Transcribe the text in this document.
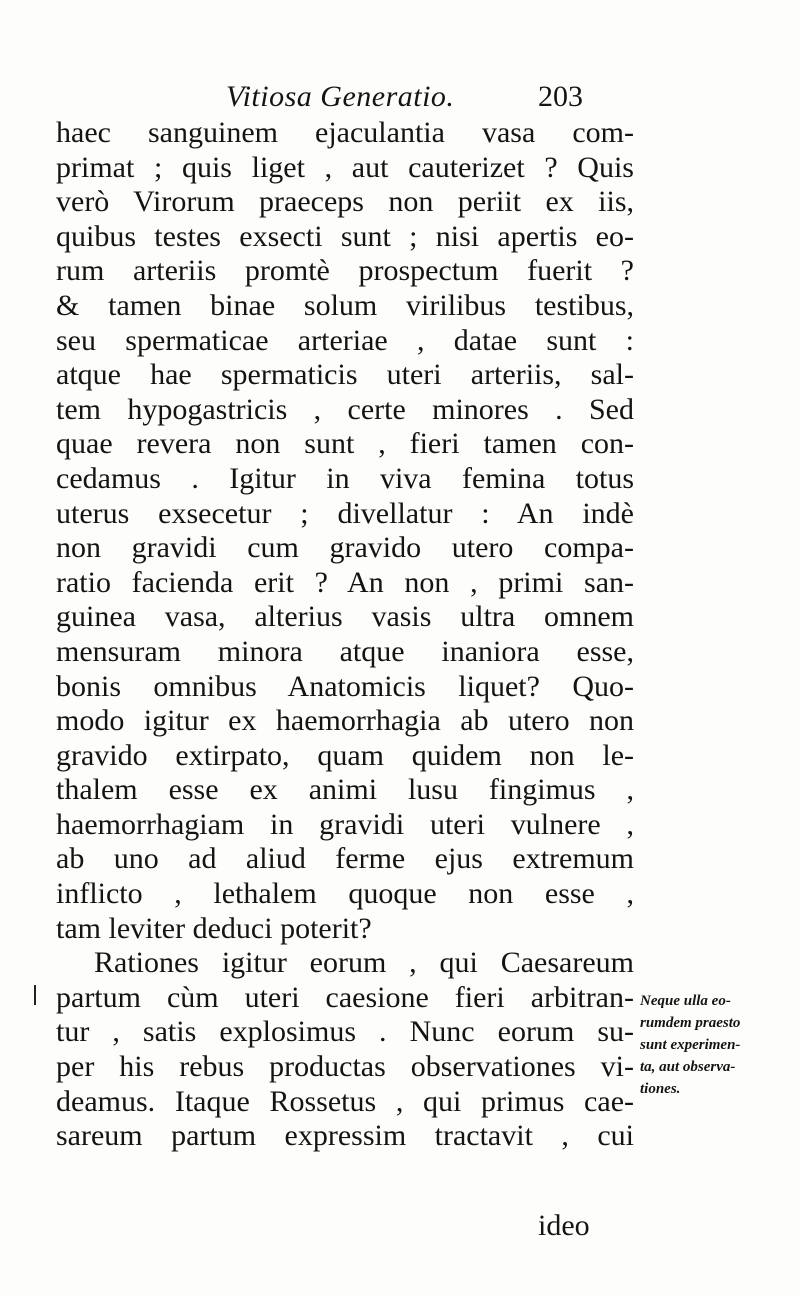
Vitiosa Generatio.	203
haec sanguinem ejaculantia vasa com-
primat ; quis liget , aut cauterizet ? Quis
verò Virorum praeceps non periit ex iis,
quibus testes exsecti sunt ; nisi apertis eo-
rum arteriis promtè prospectum fuerit ?
& tamen binae solum virilibus testibus,
seu spermaticae arteriae , datae sunt :
atque hae spermaticis uteri arteriis, sal-
tem hypogastricis , certe minores . Sed
quae revera non sunt , fieri tamen con-
cedamus . Igitur in viva femina totus
uterus exsecetur ; divellatur : An indè
non gravidi cum gravido utero compa-
ratio facienda erit ? An non , primi san-
guinea vasa, alterius vasis ultra omnem
mensuram minora atque inaniora esse,
bonis omnibus Anatomicis liquet? Quo-
modo igitur ex haemorrhagia ab utero non
gravido extirpato, quam quidem non le-
thalem esse ex animi lusu fingimus ,
haemorrhagiam in gravidi uteri vulnere ,
ab uno ad aliud ferme ejus extremum
inflicto , lethalem quoque non esse ,
tam leviter deduci poterit?
Rationes igitur eorum , qui Caesareum
partum cùm uteri caesione fieri arbitran-
tur , satis explosimus . Nunc eorum su-
per his rebus productas observationes vi-
deamus. Itaque Rossetus , qui primus cae-
sareum partum expressim tractavit , cui
ideo
Neque ulla eo-
rumdem praesto
sunt experimen-
ta, aut observa-
tiones.
